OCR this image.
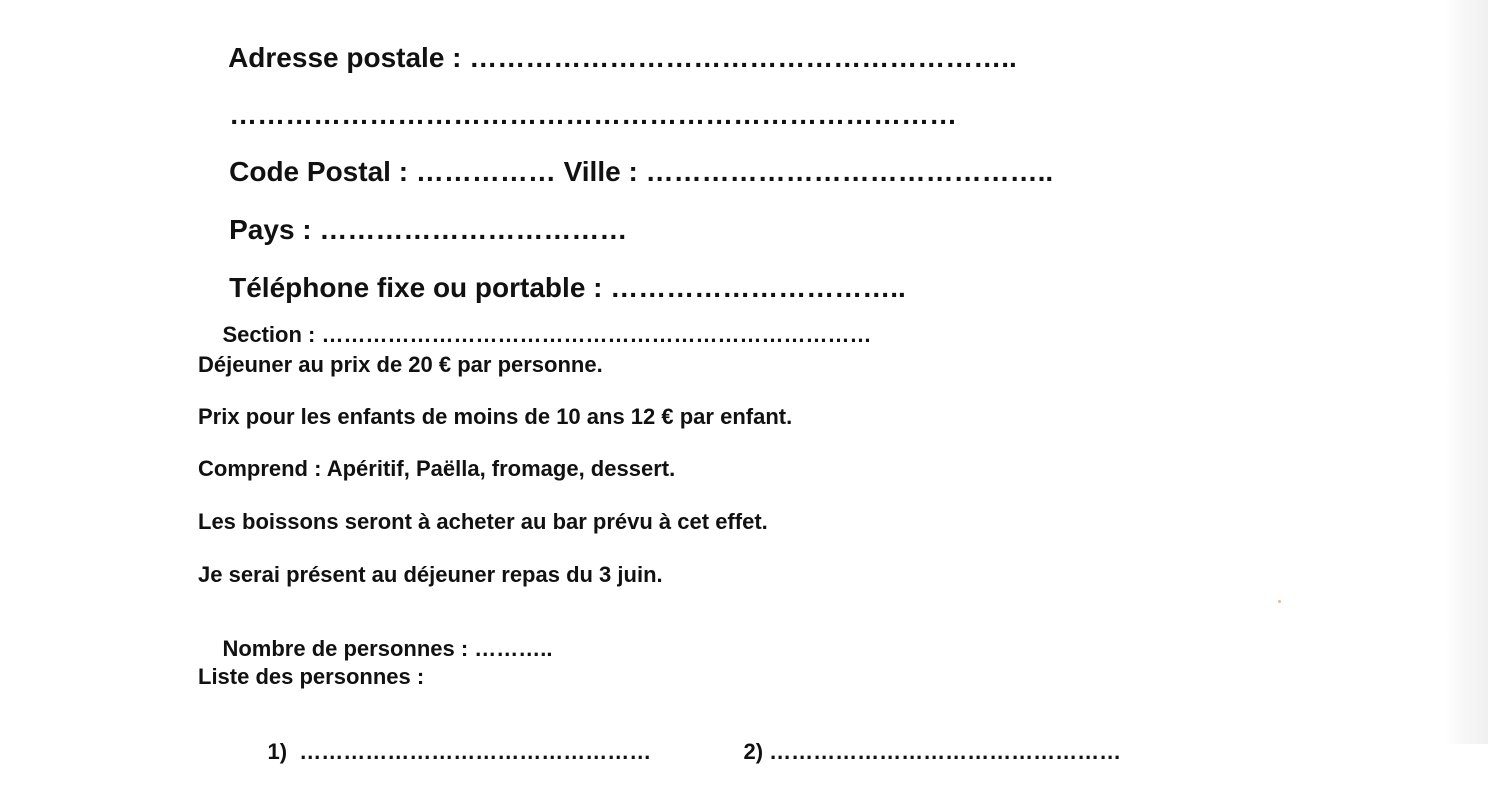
Adresse postale : …………………………………………………..

……………………………………………………………………

Code Postal : …………… Ville : ……………………………………..

Pays : ……………………………

Téléphone fixe ou portable : …………………………..

Section : …………………………………………………………………

Déjeuner au prix de 20 € par personne.
Prix pour les enfants de moins de 10 ans 12 € par enfant.
Comprend : Apéritif, Paëlla, fromage, dessert.
Les boissons seront à acheter au bar prévu à cet effet.
Je serai présent au déjeuner repas du 3 juin.

Nombre de personnes : ………..

Liste des personnes :

1) …………………………………………
	2) …………………………………………
